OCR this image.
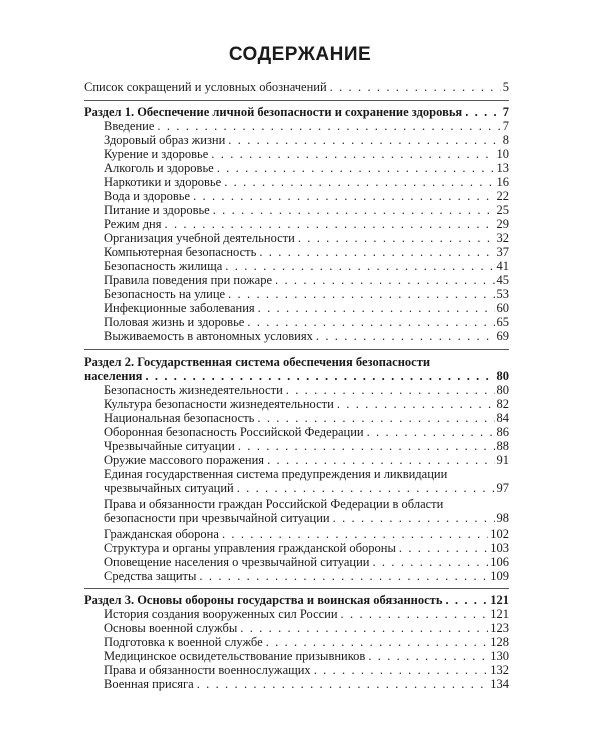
СОДЕРЖАНИЕ
Список сокращений и условных обозначений . . .	5
Раздел 1. Обеспечение личной безопасности и сохранение здоровья . . .	7
Введение . . .	7
Здоровый образ жизни . . .	8
Курение и здоровье . . .	10
Алкоголь и здоровье . . .	13
Наркотики и здоровье . . .	16
Вода и здоровье . . .	22
Питание и здоровье . . .	25
Режим дня . . .	29
Организация учебной деятельности . . .	32
Компьютерная безопасность . . .	37
Безопасность жилища . . .	41
Правила поведения при пожаре . . .	45
Безопасность на улице . . .	53
Инфекционные заболевания . . .	60
Половая жизнь и здоровье . . .	65
Выживаемость в автономных условиях . . .	69
Раздел 2. Государственная система обеспечения безопасности
населения . . .	80
Безопасность жизнедеятельности . . .	80
Культура безопасности жизнедеятельности . . .	82
Национальная безопасность . . .	84
Оборонная безопасность Российской Федерации . . .	86
Чрезвычайные ситуации . . .	88
Оружие массового поражения . . .	91
Единая государственная система предупреждения и ликвидации
чрезвычайных ситуаций . . .	97
Права и обязанности граждан Российской Федерации в области
безопасности при чрезвычайной ситуации . . .	98
Гражданская оборона . . .	102
Структура и органы управления гражданской обороны . . .	103
Оповещение населения о чрезвычайной ситуации . . .	106
Средства защиты . . .	109
Раздел 3. Основы обороны государства и воинская обязанность . . .	121
История создания вооруженных сил России . . .	121
Основы военной службы . . .	123
Подготовка к военной службе . . .	128
Медицинское освидетельствование призывников . . .	130
Права и обязанности военнослужащих . . .	132
Военная присяга . . .	134
